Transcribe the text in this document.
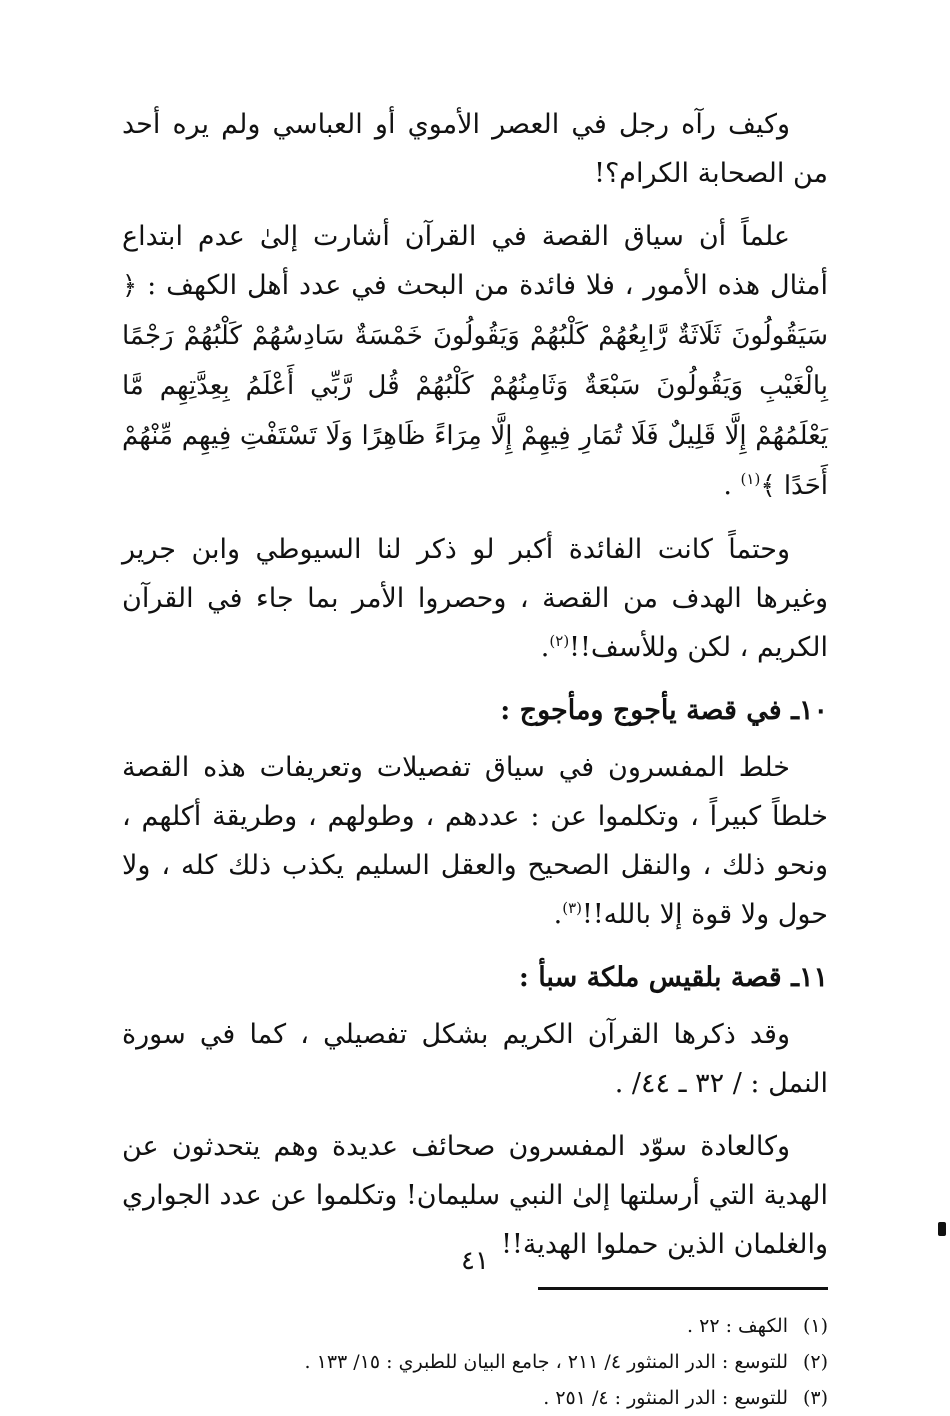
وكيف رآه رجل في العصر الأموي أو العباسي ولم يره أحد من الصحابة الكرام؟!

علماً أن سياق القصة في القرآن أشارت إلىٰ عدم ابتداع أمثال هذه الأمور ، فلا فائدة من البحث في عدد أهل الكهف : ﴿ سَيَقُولُونَ ثَلَاثَةٌ رَّابِعُهُمْ كَلْبُهُمْ وَيَقُولُونَ خَمْسَةٌ سَادِسُهُمْ كَلْبُهُمْ رَجْمًا بِالْغَيْبِ وَيَقُولُونَ سَبْعَةٌ وَثَامِنُهُمْ كَلْبُهُمْ قُل رَّبِّي أَعْلَمُ بِعِدَّتِهِم مَّا يَعْلَمُهُمْ إِلَّا قَلِيلٌ فَلَا تُمَارِ فِيهِمْ إِلَّا مِرَاءً ظَاهِرًا وَلَا تَسْتَفْتِ فِيهِم مِّنْهُمْ أَحَدًا ﴾$^{(١)}$ .

وحتماً كانت الفائدة أكبر لو ذكر لنا السيوطي وابن جرير وغيرها الهدف من القصة ، وحصروا الأمر بما جاء في القرآن الكريم ، لكن وللأسف!!$^{(٢)}$.

١٠ـ في قصة يأجوج ومأجوج :

خلط المفسرون في سياق تفصيلات وتعريفات هذه القصة خلطاً كبيراً ، وتكلموا عن : عددهم ، وطولهم ، وطريقة أكلهم ، ونحو ذلك ، والنقل الصحيح والعقل السليم يكذب ذلك كله ، ولا حول ولا قوة إلا بالله!!$^{(٣)}$.

١١ـ قصة بلقيس ملكة سبأ :

وقد ذكرها القرآن الكريم بشكل تفصيلي ، كما في سورة النمل : / ٣٢ ـ ٤٤/ .

وكالعادة سوّد المفسرون صحائف عديدة وهم يتحدثون عن الهدية التي أرسلتها إلىٰ النبي سليمان! وتكلموا عن عدد الجواري والغلمان الذين حملوا الهدية!!

(١)الكهف : ٢٢ .

(٢)للتوسع : الدر المنثور ٤/ ٢١١ ، جامع البيان للطبري : ١٥/ ١٣٣ .

(٣)للتوسع : الدر المنثور : ٤/ ٢٥١ .

٤١
